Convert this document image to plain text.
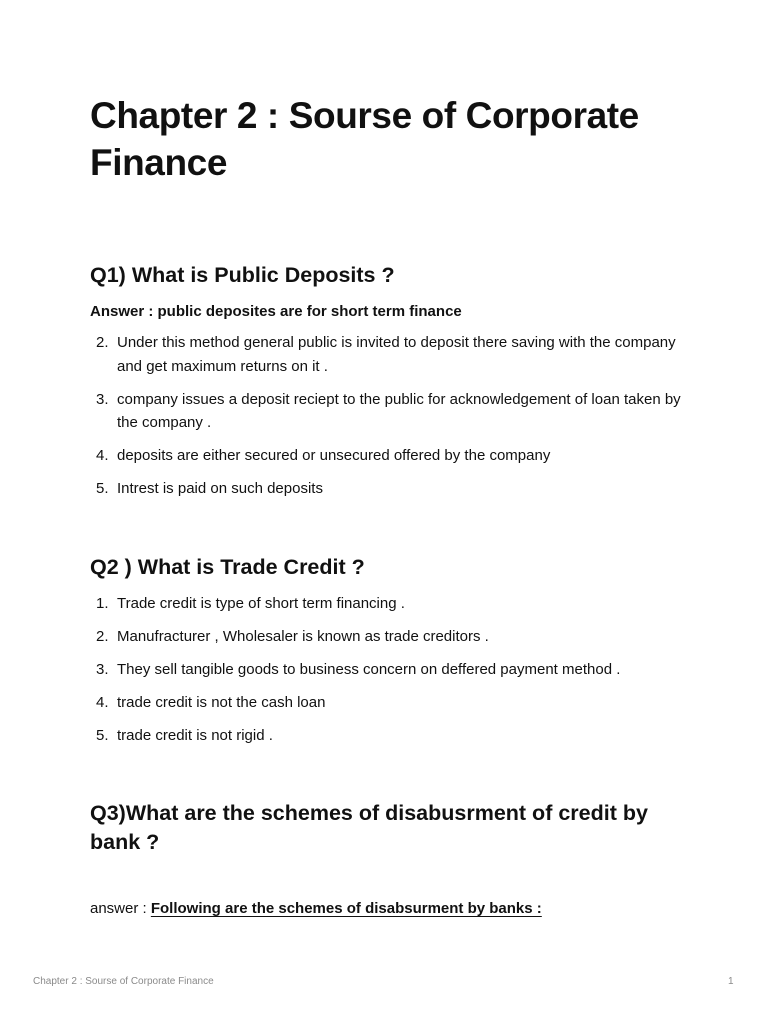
Chapter 2 : Sourse of Corporate Finance
Q1) What is Public Deposits ?

Answer : public deposites are for short term finance

2. Under this method general public is invited to deposit there saving with the company and get maximum returns on it .
3. company issues a deposit reciept to the public for acknowledgement of loan taken by the company .
4. deposits are either secured or unsecured offered by the company
5. Intrest is paid on such deposits
Q2 ) What is Trade Credit ?
1. Trade credit is type of short term financing .
2. Manufracturer , Wholesaler is known as trade creditors .
3. They sell tangible goods to business concern on deffered payment method .
4. trade credit is not the cash loan
5. trade credit is not rigid .
Q3)What are the schemes of disabusrment of credit by bank ?

answer : Following are the schemes of disabsurment by banks :

Chapter 2 : Sourse of Corporate Finance	1
